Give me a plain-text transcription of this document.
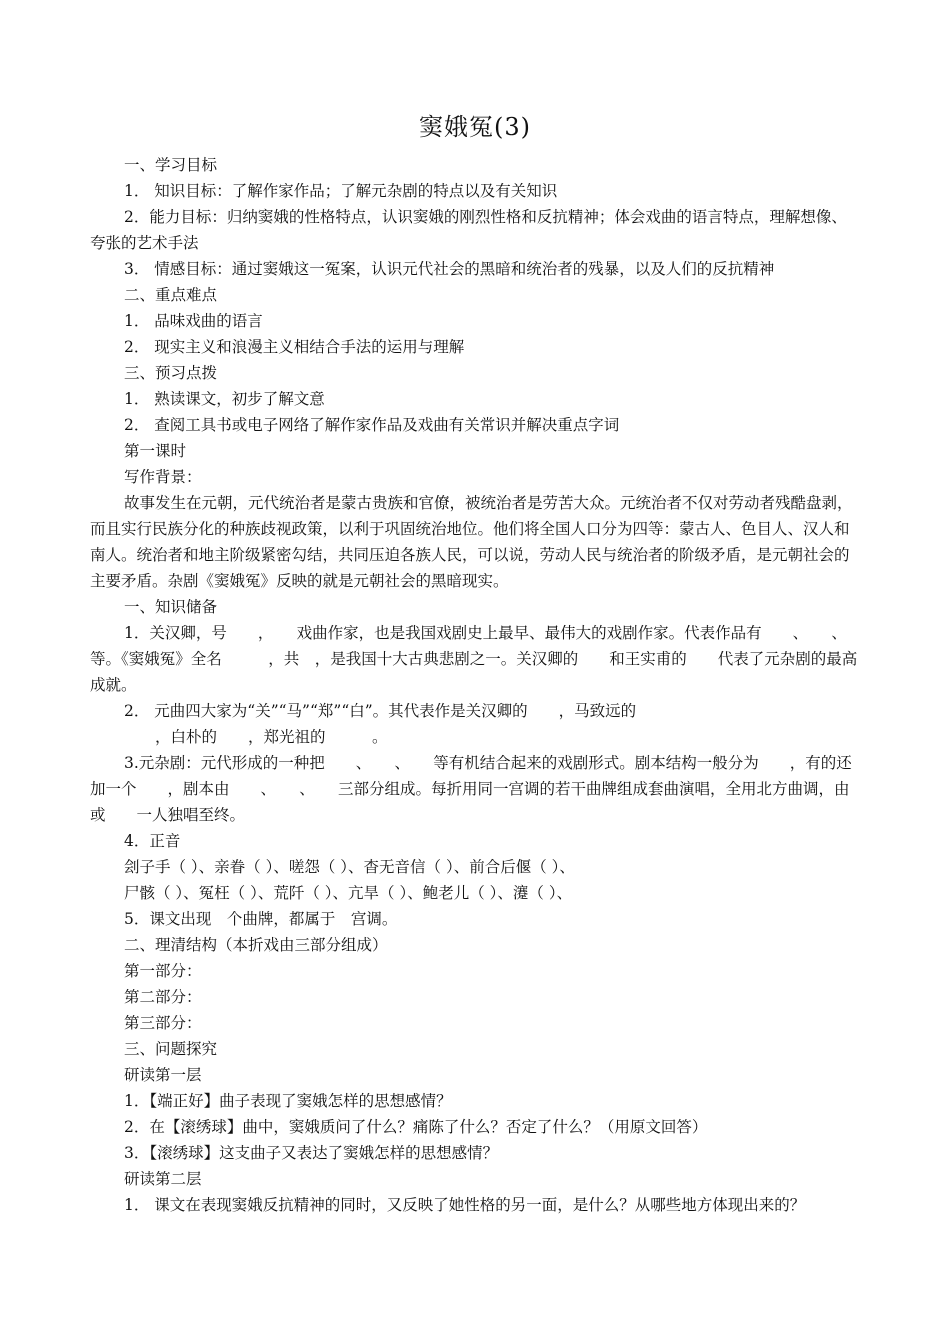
窦娥冤(3)

一、学习目标

1． 知识目标：了解作家作品；了解元杂剧的特点以及有关知识

2．能力目标：归纳窦娥的性格特点，认识窦娥的刚烈性格和反抗精神；体会戏曲的语言特点，理解想像、夸张的艺术手法

3． 情感目标：通过窦娥这一冤案，认识元代社会的黑暗和统治者的残暴，以及人们的反抗精神

二、重点难点

1． 品味戏曲的语言

2． 现实主义和浪漫主义相结合手法的运用与理解

三、预习点拨

1． 熟读课文，初步了解文意

2． 查阅工具书或电子网络了解作家作品及戏曲有关常识并解决重点字词

第一课时

写作背景：

故事发生在元朝，元代统治者是蒙古贵族和官僚，被统治者是劳苦大众。元统治者不仅对劳动者残酷盘剥，而且实行民族分化的种族歧视政策，以利于巩固统治地位。他们将全国人口分为四等：蒙古人、色目人、汉人和南人。统治者和地主阶级紧密勾结，共同压迫各族人民，可以说，劳动人民与统治者的阶级矛盾，是元朝社会的主要矛盾。杂剧《窦娥冤》反映的就是元朝社会的黑暗现实。

一、知识储备

1．关汉卿，号　　，　　戏曲作家，也是我国戏剧史上最早、最伟大的戏剧作家。代表作品有　　、　　、　　等。《窦娥冤》全名　　　，共　，是我国十大古典悲剧之一。关汉卿的　　和王实甫的　　代表了元杂剧的最高成就。

2． 元曲四大家为“关”“马”“郑”“白”。其代表作是关汉卿的　　，马致远的

　　，白朴的　　，郑光祖的　　　。

3.元杂剧：元代形成的一种把　　、　　、　　等有机结合起来的戏剧形式。剧本结构一般分为　　，有的还加一个　　，剧本由　　、　　、　　三部分组成。每折用同一宫调的若干曲牌组成套曲演唱，全用北方曲调，由　　或　　一人独唱至终。

4．正音

刽子手（ ）、亲眷（ ）、嗟怨（ ）、杳无音信（ ）、前合后偃（ ）、

尸骸（ ）、冤枉（ ）、荒阡（ ）、亢旱（ ）、鲍老儿（ ）、瀽（ ）、

5．课文出现　个曲牌，都属于　宫调。

二、理清结构（本折戏由三部分组成）

第一部分：

第二部分：

第三部分：

三、问题探究

研读第一层

1．【端正好】曲子表现了窦娥怎样的思想感情？

2．在【滚绣球】曲中，窦娥质问了什么？痛陈了什么？否定了什么？（用原文回答）

3．【滚绣球】这支曲子又表达了窦娥怎样的思想感情？

研读第二层

1． 课文在表现窦娥反抗精神的同时，又反映了她性格的另一面，是什么？从哪些地方体现出来的？
